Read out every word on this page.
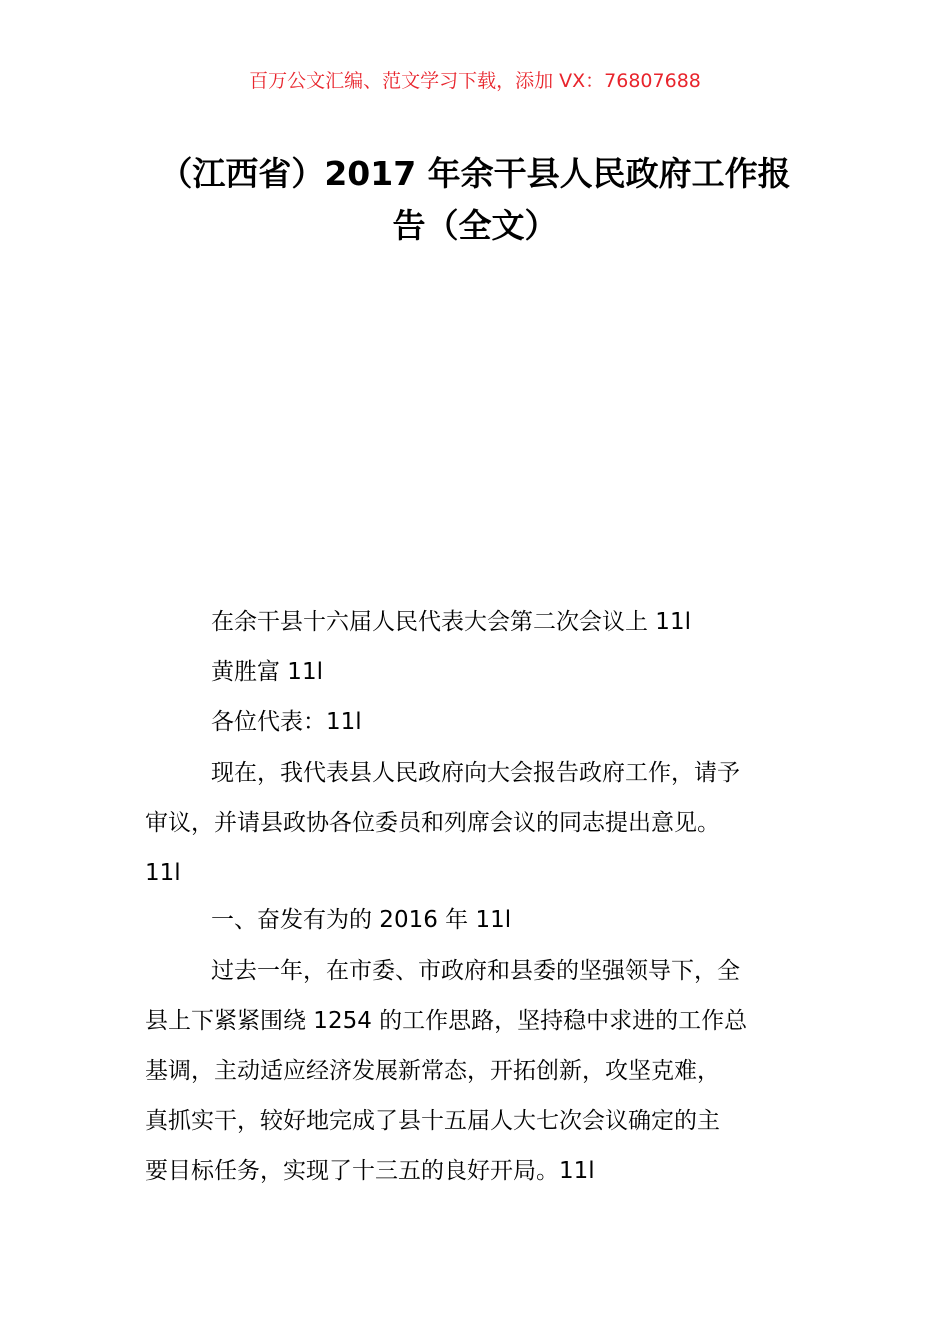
百万公文汇编、范文学习下载，添加 VX：76807688
（江西省）2017 年余干县人民政府工作报
告（全文）
在余干县十六届人民代表大会第二次会议上 11l
黄胜富 11l
各位代表：11l
现在，我代表县人民政府向大会报告政府工作，请予
审议，并请县政协各位委员和列席会议的同志提出意见。
11l
一、奋发有为的 2016 年 11l
过去一年，在市委、市政府和县委的坚强领导下，全
县上下紧紧围绕 1254 的工作思路，坚持稳中求进的工作总
基调，主动适应经济发展新常态，开拓创新，攻坚克难，
真抓实干，较好地完成了县十五届人大七次会议确定的主
要目标任务，实现了十三五的良好开局。11l
